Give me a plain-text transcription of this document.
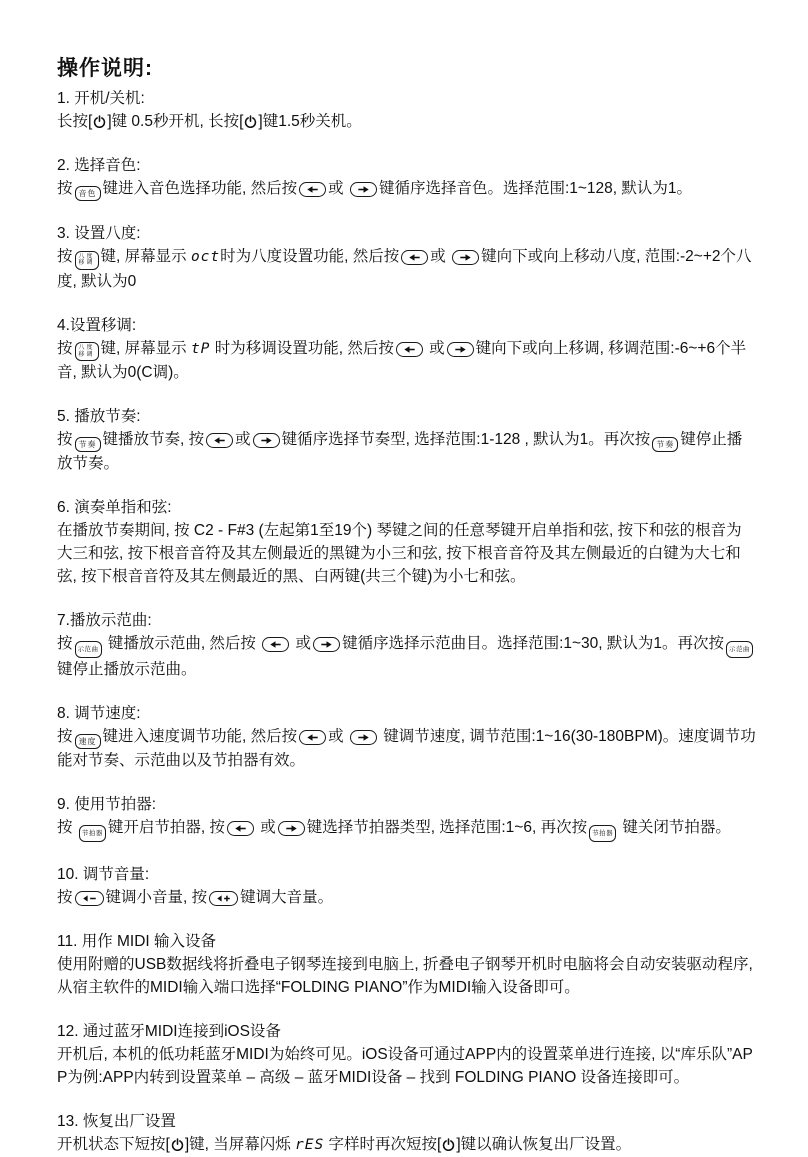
操作说明:
1. 开机/关机:
长按[ ]键 0.5秒开机, 长按[ ]键1.5秒关机。
2. 选择音色:
按 音色 键进入音色选择功能, 然后按 或
键循序选择音色。选择范围:1~128, 默认为1。
3. 设置八度:
按 八度
移调 键, 屏幕显示 oct时为八度设置功能, 然后按 或
键向下或向上移动八度, 范围:-2~+2个八度, 默认为0
4.设置移调:
按 八度
移调 键, 屏幕显示 tP 时为移调设置功能, 然后按
或 键向下或向上移调, 移调范围:-6~+6个半音, 默认为0(C调)。
5. 播放节奏:
按 节奏 键播放节奏, 按 或 键循序选择节奏型, 选择范围:1-128 , 默认为1。再次按 节奏 键停止播放节奏。
6. 演奏单指和弦:
在播放节奏期间, 按 C2 - F#3 (左起第1至19个) 琴键之间的任意琴键开启单指和弦, 按下和弦的根音为大三和弦, 按下根音音符及其左侧最近的黑键为小三和弦, 按下根音音符及其左侧最近的白键为大七和弦, 按下根音音符及其左侧最近的黑、白两键(共三个键)为小七和弦。
7.播放示范曲:
按 示范曲 键播放示范曲, 然后按
或 键循序选择示范曲目。选择范围:1~30, 默认为1。再次按 示范曲 键停止播放示范曲。
8. 调节速度:
按 速度 键进入速度调节功能, 然后按 或
键调节速度, 调节范围:1~16(30-180BPM)。速度调节功能对节奏、示范曲以及节拍器有效。
9. 使用节拍器:
按 节拍器 键开启节拍器, 按
或 键选择节拍器类型, 选择范围:1~6, 再次按 节拍器 键关闭节拍器。
10. 调节音量:
按 键调小音量, 按 键调大音量。
11. 用作 MIDI 输入设备
使用附赠的USB数据线将折叠电子钢琴连接到电脑上, 折叠电子钢琴开机时电脑将会自动安装驱动程序, 从宿主软件的MIDI输入端口选择“FOLDING PIANO”作为MIDI输入设备即可。
12. 通过蓝牙MIDI连接到iOS设备
开机后, 本机的低功耗蓝牙MIDI为始终可见。iOS设备可通过APP内的设置菜单进行连接, 以“库乐队”APP为例:APP内转到设置菜单 – 高级 – 蓝牙MIDI设备 – 找到 FOLDING PIANO 设备连接即可。
13. 恢复出厂设置
开机状态下短按[ ]键, 当屏幕闪烁 rES 字样时再次短按[ ]键以确认恢复出厂设置。
